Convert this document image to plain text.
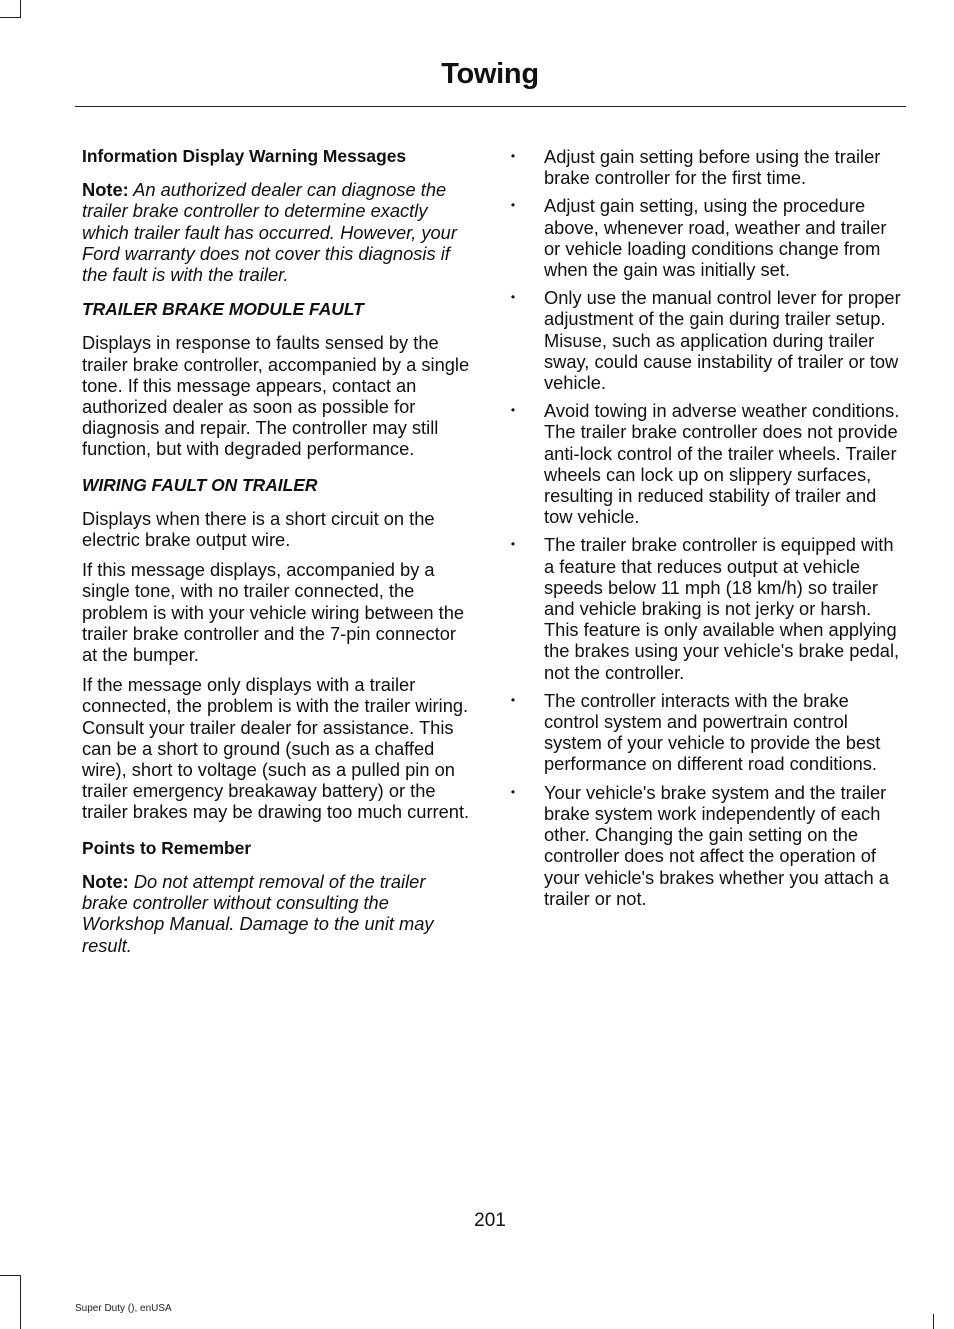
Towing
Information Display Warning Messages
Note: An authorized dealer can diagnose the trailer brake controller to determine exactly which trailer fault has occurred. However, your Ford warranty does not cover this diagnosis if the fault is with the trailer.
TRAILER BRAKE MODULE FAULT
Displays in response to faults sensed by the trailer brake controller, accompanied by a single tone. If this message appears, contact an authorized dealer as soon as possible for diagnosis and repair. The controller may still function, but with degraded performance.
WIRING FAULT ON TRAILER
Displays when there is a short circuit on the electric brake output wire.
If this message displays, accompanied by a single tone, with no trailer connected, the problem is with your vehicle wiring between the trailer brake controller and the 7-pin connector at the bumper.
If the message only displays with a trailer connected, the problem is with the trailer wiring. Consult your trailer dealer for assistance. This can be a short to ground (such as a chaffed wire), short to voltage (such as a pulled pin on trailer emergency breakaway battery) or the trailer brakes may be drawing too much current.
Points to Remember
Note: Do not attempt removal of the trailer brake controller without consulting the Workshop Manual. Damage to the unit may result.
• Adjust gain setting before using the trailer brake controller for the first time.
• Adjust gain setting, using the procedure above, whenever road, weather and trailer or vehicle loading conditions change from when the gain was initially set.
• Only use the manual control lever for proper adjustment of the gain during trailer setup. Misuse, such as application during trailer sway, could cause instability of trailer or tow vehicle.
• Avoid towing in adverse weather conditions. The trailer brake controller does not provide anti-lock control of the trailer wheels. Trailer wheels can lock up on slippery surfaces, resulting in reduced stability of trailer and tow vehicle.
• The trailer brake controller is equipped with a feature that reduces output at vehicle speeds below 11 mph (18 km/h) so trailer and vehicle braking is not jerky or harsh. This feature is only available when applying the brakes using your vehicle's brake pedal, not the controller.
• The controller interacts with the brake control system and powertrain control system of your vehicle to provide the best performance on different road conditions.
• Your vehicle's brake system and the trailer brake system work independently of each other. Changing the gain setting on the controller does not affect the operation of your vehicle's brakes whether you attach a trailer or not.
201
Super Duty (), enUSA
